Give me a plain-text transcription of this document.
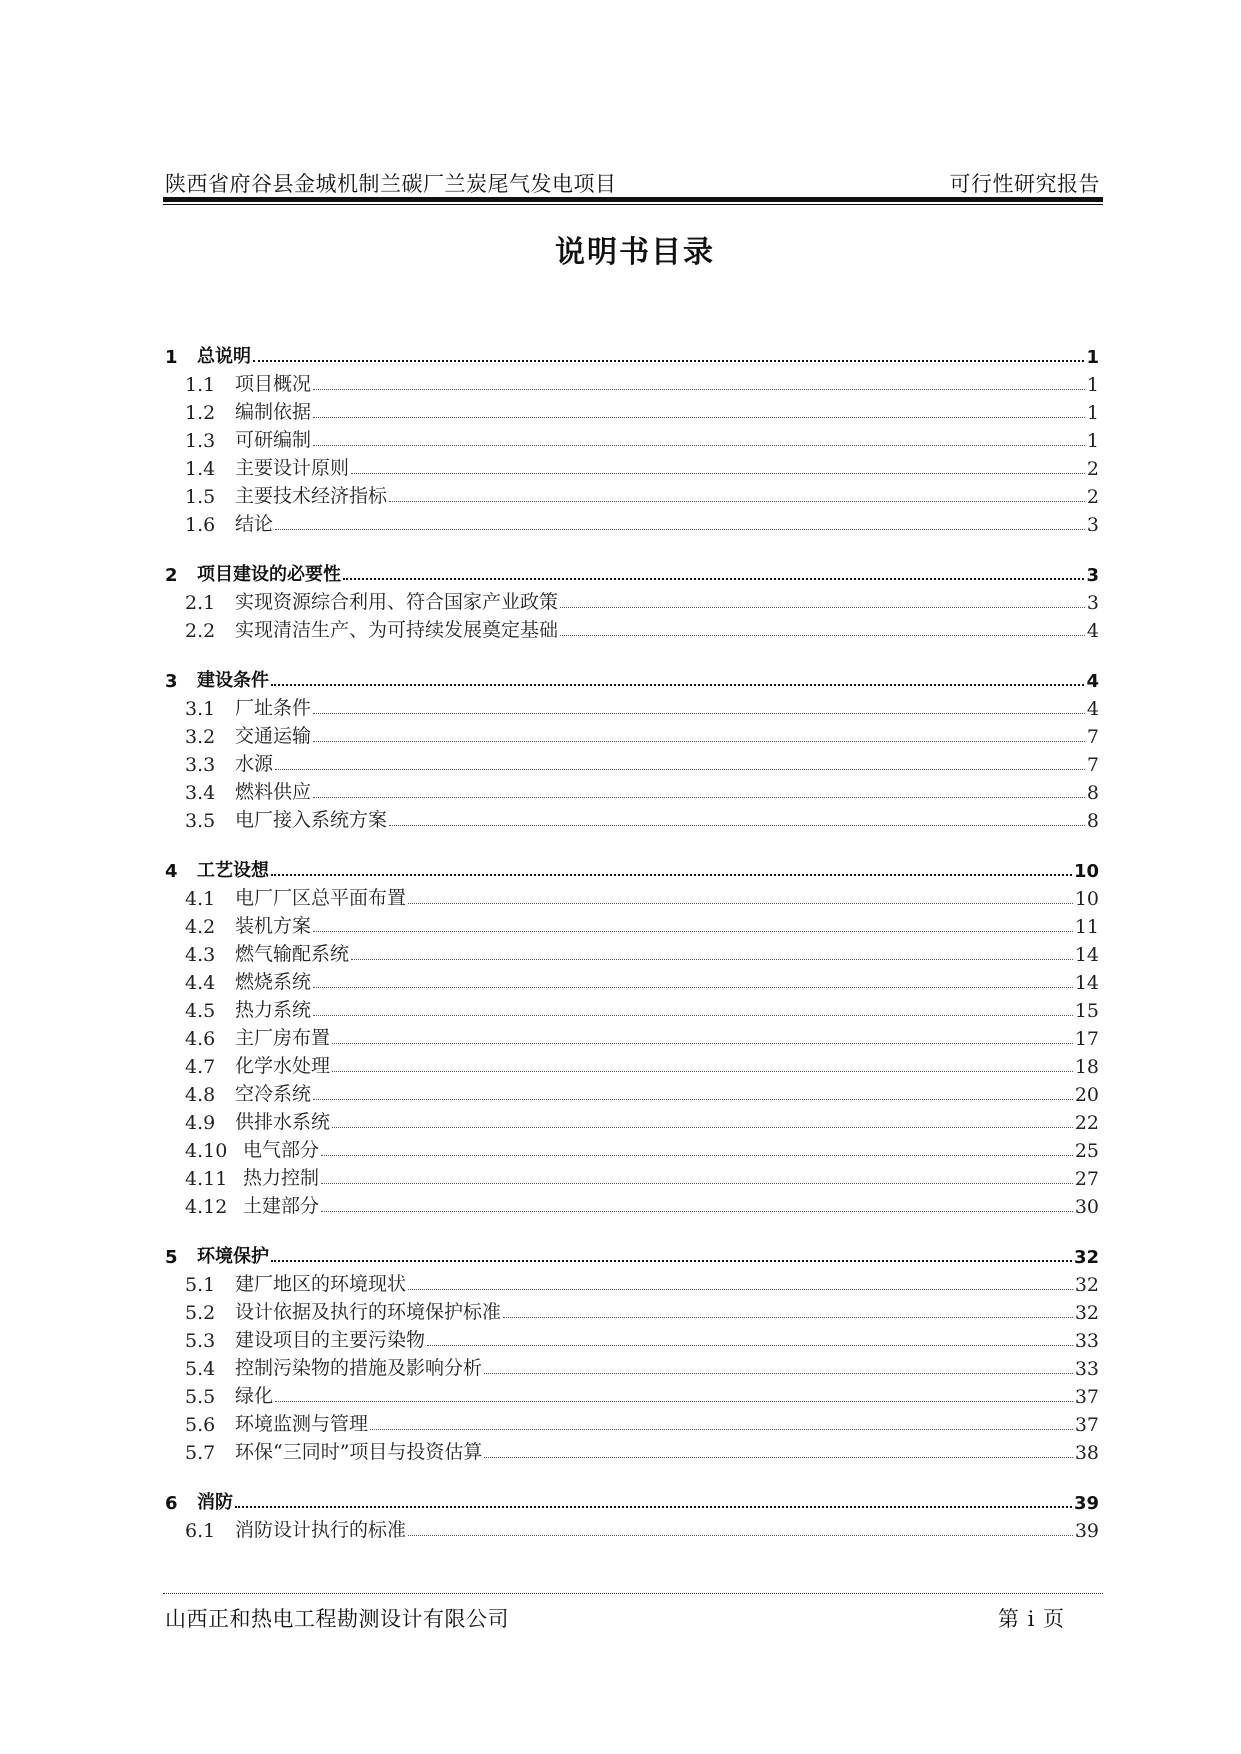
陕西省府谷县金城机制兰碳厂兰炭尾气发电项目	可行性研究报告
说明书目录
1	总说明	1
1.1	项目概况	1
1.2	编制依据	1
1.3	可研编制	1
1.4	主要设计原则	2
1.5	主要技术经济指标	2
1.6	结论	3
2	项目建设的必要性	3
2.1	实现资源综合利用、符合国家产业政策	3
2.2	实现清洁生产、为可持续发展奠定基础	4
3	建设条件	4
3.1	厂址条件	4
3.2	交通运输	7
3.3	水源	7
3.4	燃料供应	8
3.5	电厂接入系统方案	8
4	工艺设想	10
4.1	电厂厂区总平面布置	10
4.2	装机方案	11
4.3	燃气输配系统	14
4.4	燃烧系统	14
4.5	热力系统	15
4.6	主厂房布置	17
4.7	化学水处理	18
4.8	空冷系统	20
4.9	供排水系统	22
4.10 电气部分	25
4.11 热力控制	27
4.12 土建部分	30
5	环境保护	32
5.1	建厂地区的环境现状	32
5.2	设计依据及执行的环境保护标准	32
5.3	建设项目的主要污染物	33
5.4	控制污染物的措施及影响分析	33
5.5	绿化	37
5.6	环境监测与管理	37
5.7	环保“三同时”项目与投资估算	38
6	消防	39
6.1	消防设计执行的标准	39
山西正和热电工程勘测设计有限公司	第 i 页
